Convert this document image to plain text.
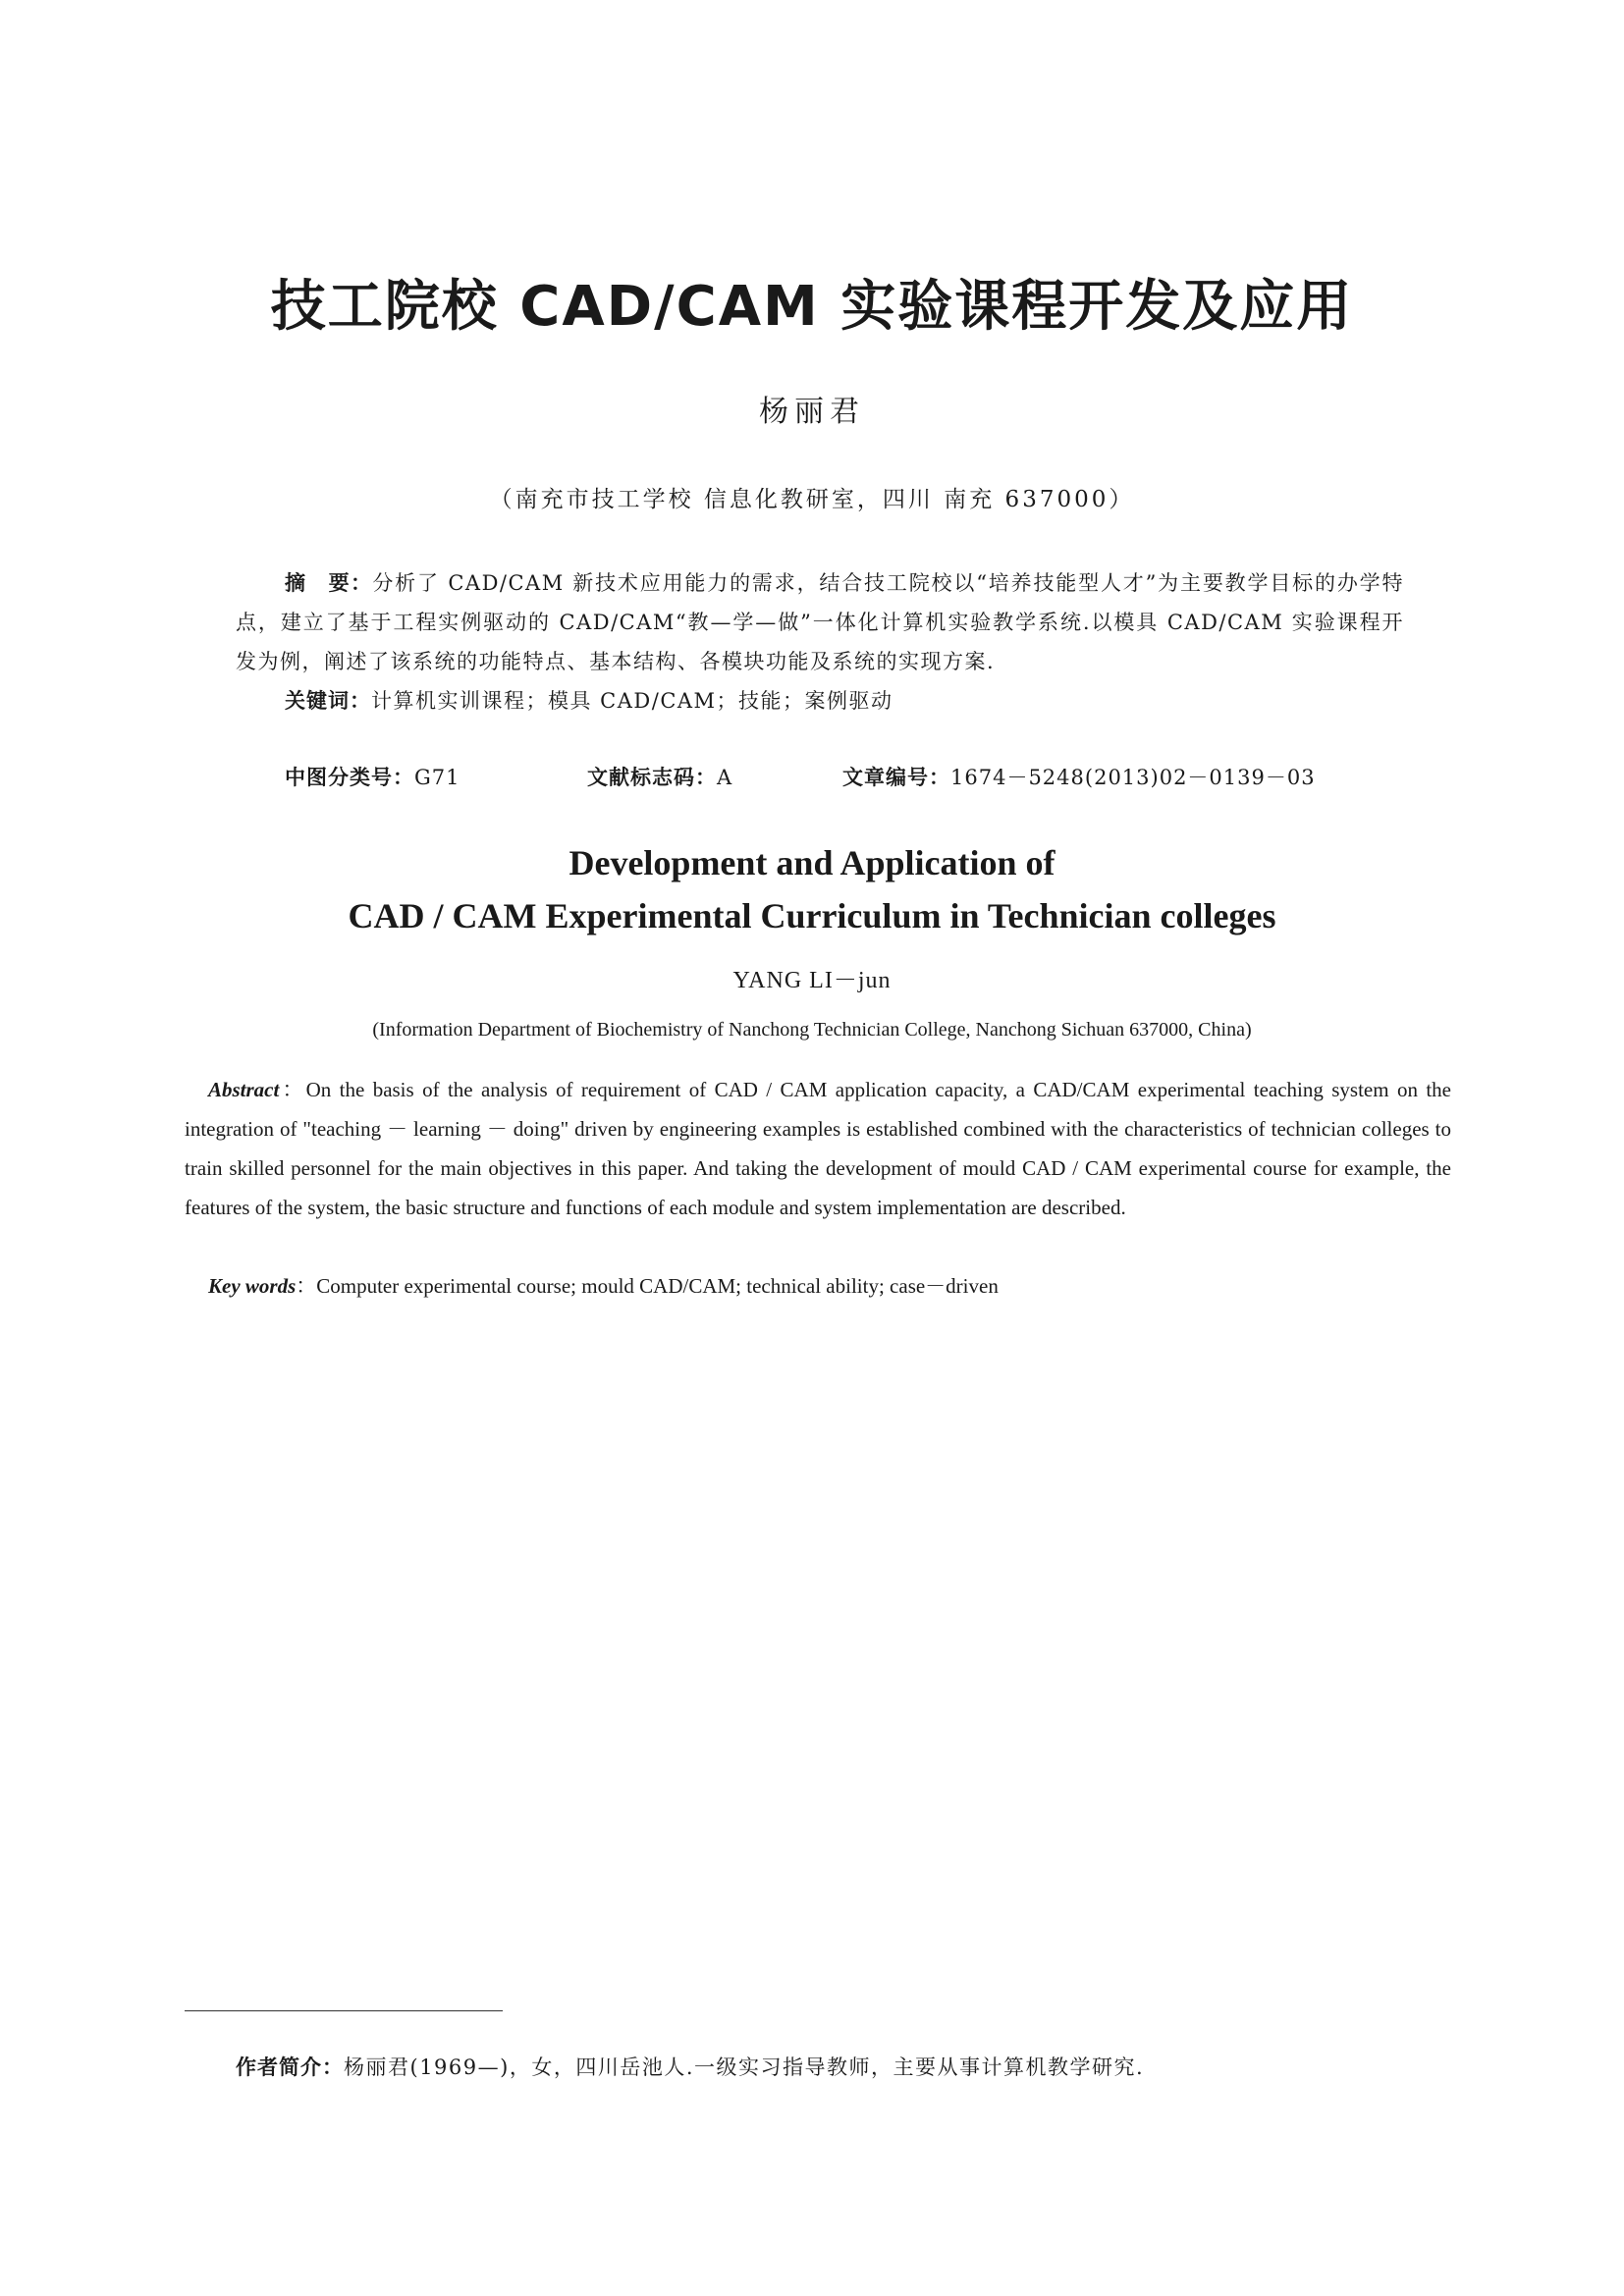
技工院校 CAD/CAM 实验课程开发及应用
杨丽君
（南充市技工学校 信息化教研室，四川 南充 637000）
摘　要：分析了 CAD/CAM 新技术应用能力的需求，结合技工院校以“培养技能型人才”为主要教学目标的办学特点，建立了基于工程实例驱动的 CAD/CAM“教—学—做”一体化计算机实验教学系统.以模具 CAD/CAM 实验课程开发为例，阐述了该系统的功能特点、基本结构、各模块功能及系统的实现方案.
关键词：计算机实训课程；模具 CAD/CAM；技能；案例驱动
中图分类号：G71	文献标志码：A	文章编号：1674－5248(2013)02－0139－03
Development and Application of
CAD / CAM Experimental Curriculum in Technician colleges
YANG LI－jun
(Information Department of Biochemistry of Nanchong Technician College, Nanchong Sichuan 637000, China)
Abstract：On the basis of the analysis of requirement of CAD / CAM application capacity, a CAD/CAM experimental teaching system on the integration of "teaching － learning － doing" driven by engineering examples is established combined with the characteristics of technician colleges to train skilled personnel for the main objectives in this paper. And taking the development of mould CAD / CAM experimental course for example, the features of the system, the basic structure and functions of each module and system implementation are described.
Key words：Computer experimental course; mould CAD/CAM; technical ability; case－driven
作者简介：杨丽君(1969—)，女，四川岳池人.一级实习指导教师，主要从事计算机教学研究.
